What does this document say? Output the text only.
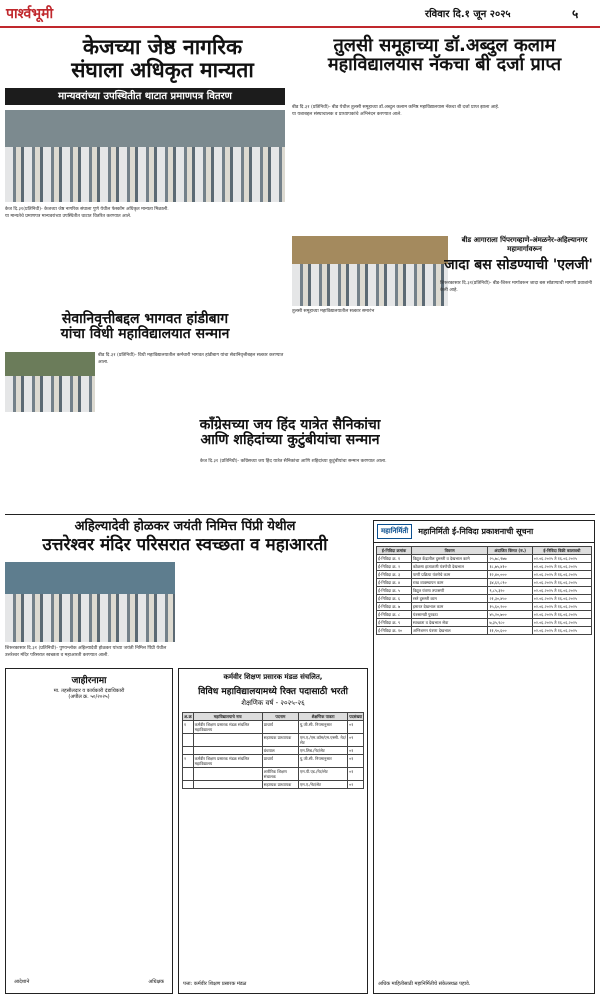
पार्श्वभूमी	रविवार दि.१ जून २०२५	५
केजच्या जेष्ठ नागरिक
संघाला अधिकृत मान्यता
मान्यवरांच्या उपस्थितीत थाटात प्रमाणपत्र वितरण
केज दि.३१(प्रतिनिधी)- केजच्या जेष्ठ नागरिक संघाला पुणे येथील फेस्कॉम अधिकृत मान्यता मिळाली.
या मान्यतेचे प्रमाणपत्र मान्यवरांच्या उपस्थितीत थाटात वितरित करण्यात आले.
तुलसी समूहाच्या डॉ.अब्दुल कलाम
महाविद्यालयास नॅकचा बी दर्जा प्राप्त
बीड दि.३१ (प्रतिनिधी)- बीड येथील तुलसी समूहाच्या डॉ.अब्दुल कलाम कनिष्ठ महाविद्यालयास नॅकचा बी दर्जा प्राप्त झाला आहे.
या यशाबद्दल संस्थाचालक व प्राध्यापकांचे अभिनंदन करण्यात आले.
तुलसी समूहाच्या महाविद्यालयातील सत्कार समारंभ
सेवानिवृत्तीबद्दल भागवत हांडीबाग
यांचा विधी महाविद्यालयात सन्मान
बीड दि.३१ (प्रतिनिधी)- विधी महाविद्यालयातील कर्मचारी भागवत हांडीबाग यांचा सेवानिवृत्तीबद्दल सत्कार करण्यात आला.
काँग्रेसच्या जय हिंद यात्रेत सैनिकांचा
आणि शहिदांच्या कुटुंबीयांचा सन्मान
केज दि.३१ (प्रतिनिधी)- काँग्रेसच्या जय हिंद यात्रेत सैनिकांचा आणि शहिदांच्या कुटुंबीयांचा सन्मान करण्यात आला.
बीड आगाराला पिंपरगव्हाणे-अंमळनेर-अहिल्यानगर महामार्गावरून
जादा बस सोडण्याची 'एलजी'
शिरूरकासार दि.३१(प्रतिनिधी)- बीड-शिरूर मार्गावरून जादा बस सोडण्याची मागणी प्रवाशांनी केली आहे.
अहिल्यादेवी होळकर जयंती निमित्त पिंप्री येथील
उत्तरेश्वर मंदिर परिसरात स्वच्छता व महाआरती
शिरूरकासार दि.३१ (प्रतिनिधी)- पुण्यश्लोक अहिल्यादेवी होळकर यांच्या जयंती निमित्त पिंप्री येथील उत्तरेश्वर मंदिर परिसरात स्वच्छता व महाआरती करण्यात आली.
जाहीरनामा
मा. तहसीलदार व कार्यकारी दंडाधिकारी
(अपील क्र. ५०/२०२५)
आदेशाने	अधिक्षक
कर्मवीर शिक्षण प्रसारक मंडळ संचलित,
विविध महाविद्यालयामध्ये रिक्त पदासाठी भरती
शैक्षणिक वर्ष - २०२५-२६
अ.क्र	महाविद्यालयाचे नाव	पदनाम	शैक्षणिक पात्रता	पदसंख्या
१	कर्मवीर शिक्षण प्रसारक मंडळ संचलित महाविद्यालय	प्राचार्य	यु.जी.सी. नियमानुसार	०१
		सहाय्यक प्राध्यापक	एम.ए./एम.कॉम/एम.एस्सी. नेट/सेट	०९
		ग्रंथपाल	एम.लिब./नेट/सेट	०१
२	कर्मवीर शिक्षण प्रसारक मंडळ संचलित महाविद्यालय	प्राचार्य	यु.जी.सी. नियमानुसार	०१
		शारीरिक शिक्षण संचालक	एम.पी.एड./नेट/सेट	०१
		सहाय्यक प्राध्यापक	एम.ए./नेट/सेट	०२
पत्ता: कर्मवीर शिक्षण प्रसारक मंडळ
महानिर्मिती	महानिर्मिती ई-निविदा प्रकाशनाची सूचना
ई-निविदा क्रमांक	विवरण	अंदाजित किंमत (रु.)	ई-निविदा विक्री कालावधी
ई-निविदा क्र. १	विद्युत केंद्रातील दुरुस्ती व देखभाल कामे	२५,७८,९७७	०२.०६.२०२५ ते १६.०६.२०२५
ई-निविदा क्र. २	कोळसा हाताळणी यंत्रणेची देखभाल	१८,७५,४१०	०२.०६.२०२५ ते १६.०६.२०२५
ई-निविदा क्र. ३	पाणी प्रक्रिया यंत्रणेचे काम	१२,४०,०००	०२.०६.२०२५ ते १६.०६.२०२५
ई-निविदा क्र. ४	राख व्यवस्थापन काम	३४,६२,८९०	०२.०६.२०२५ ते १६.०६.२०२५
ई-निविदा क्र. ५	विद्युत यंत्रणा तपासणी	९,८५,३२०	०२.०६.२०२५ ते १६.०६.२०२५
ई-निविदा क्र. ६	रस्ते दुरुस्ती काम	२१,३०,४५०	०२.०६.२०२५ ते १६.०६.२०२५
ई-निविदा क्र. ७	इमारत देखभाल काम	१५,६०,२००	०२.०६.२०२५ ते १६.०६.२०२५
ई-निविदा क्र. ८	यंत्रसामग्री पुरवठा	४५,२०,७००	०२.०६.२०२५ ते १६.०६.२०२५
ई-निविदा क्र. ९	स्वच्छता व देखभाल सेवा	७,३५,९८०	०२.०६.२०२५ ते १६.०६.२०२५
ई-निविदा क्र. १०	अग्निशमन यंत्रणा देखभाल	११,९०,६००	०२.०६.२०२५ ते १६.०६.२०२५
अधिक माहितीसाठी महानिर्मितीचे संकेतस्थळ पहावे.
